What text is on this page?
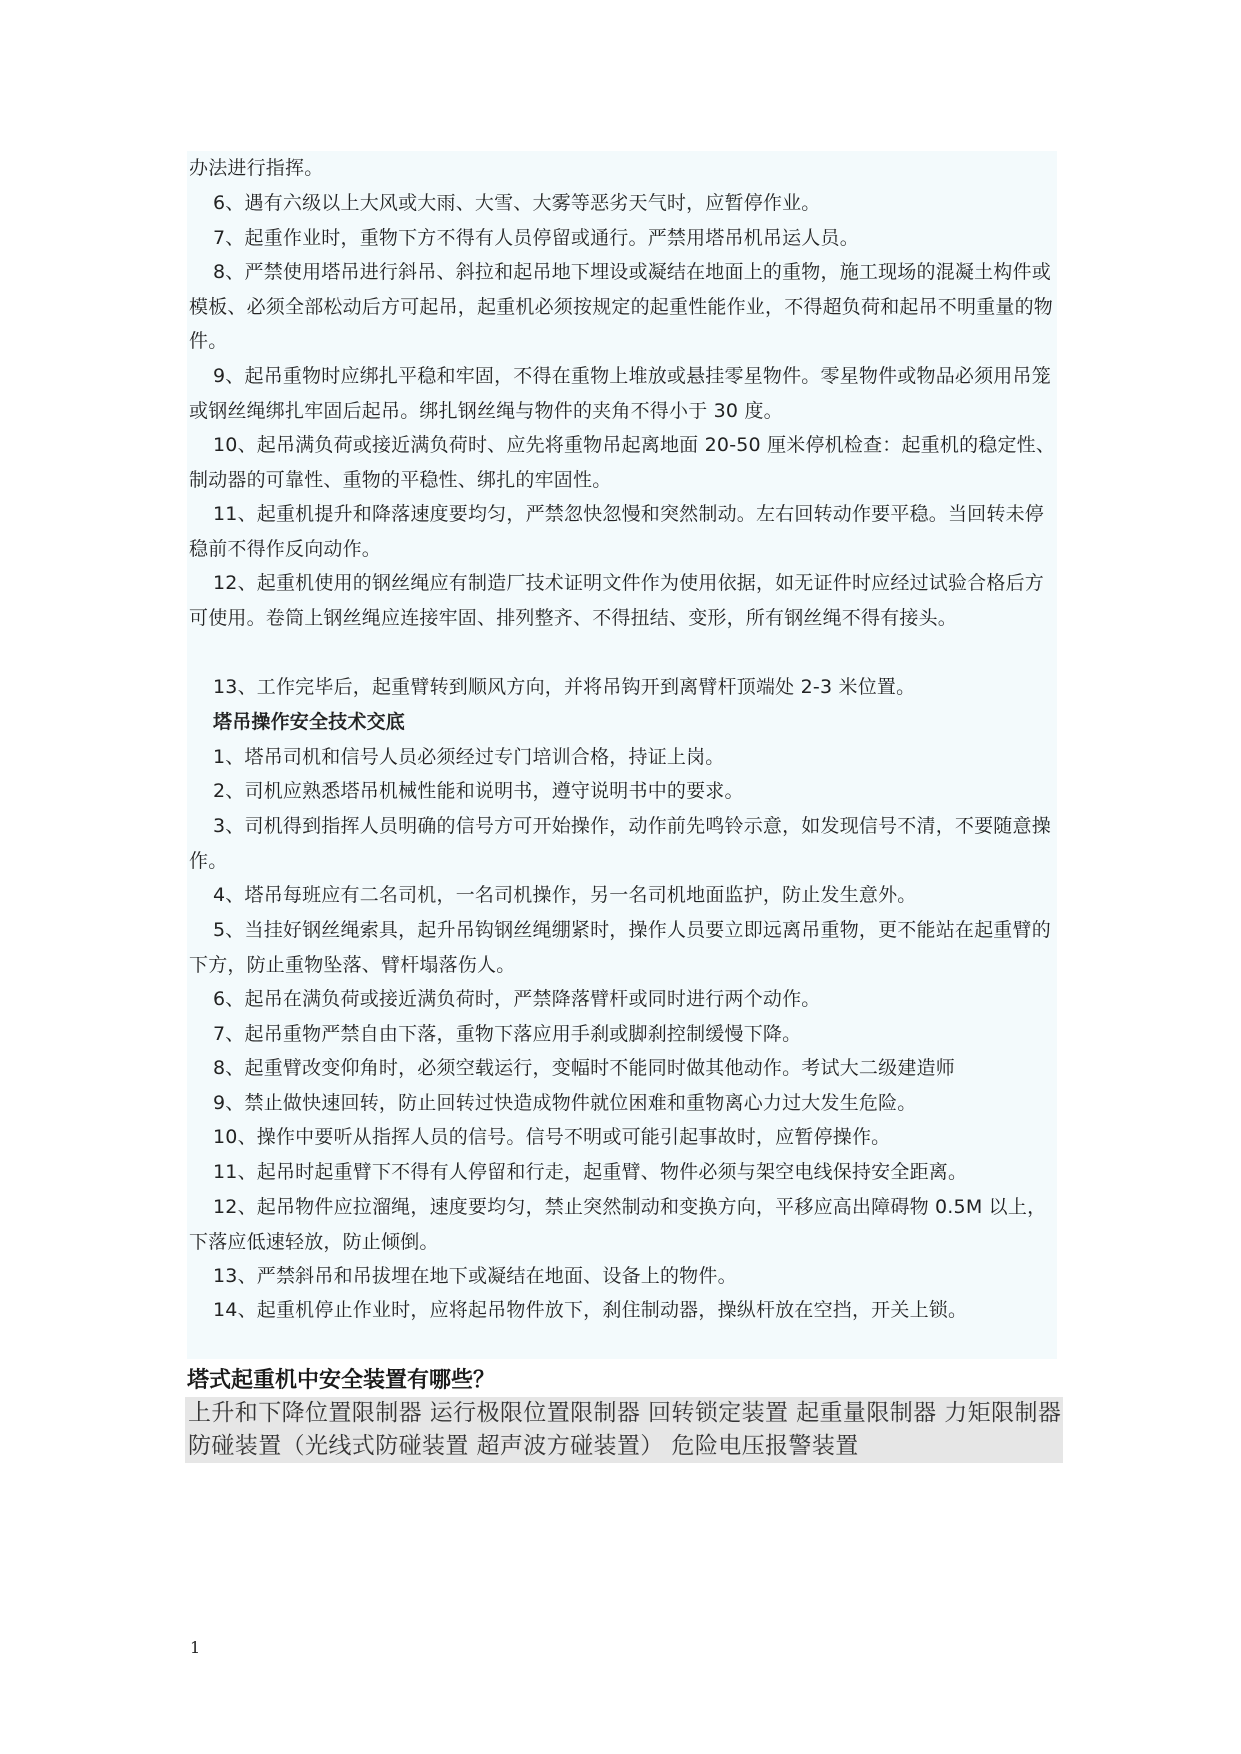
办法进行指挥。

6、遇有六级以上大风或大雨、大雪、大雾等恶劣天气时，应暂停作业。

7、起重作业时，重物下方不得有人员停留或通行。严禁用塔吊机吊运人员。

8、严禁使用塔吊进行斜吊、斜拉和起吊地下埋设或凝结在地面上的重物，施工现场的混凝土构件或模板、必须全部松动后方可起吊，起重机必须按规定的起重性能作业，不得超负荷和起吊不明重量的物件。

9、起吊重物时应绑扎平稳和牢固，不得在重物上堆放或悬挂零星物件。零星物件或物品必须用吊笼或钢丝绳绑扎牢固后起吊。绑扎钢丝绳与物件的夹角不得小于 30 度。

10、起吊满负荷或接近满负荷时、应先将重物吊起离地面 20-50 厘米停机检查：起重机的稳定性、制动器的可靠性、重物的平稳性、绑扎的牢固性。

11、起重机提升和降落速度要均匀，严禁忽快忽慢和突然制动。左右回转动作要平稳。当回转未停稳前不得作反向动作。

12、起重机使用的钢丝绳应有制造厂技术证明文件作为使用依据，如无证件时应经过试验合格后方可使用。卷筒上钢丝绳应连接牢固、排列整齐、不得扭结、变形，所有钢丝绳不得有接头。

13、工作完毕后，起重臂转到顺风方向，并将吊钩开到离臂杆顶端处 2-3 米位置。

塔吊操作安全技术交底

1、塔吊司机和信号人员必须经过专门培训合格，持证上岗。

2、司机应熟悉塔吊机械性能和说明书，遵守说明书中的要求。

3、司机得到指挥人员明确的信号方可开始操作，动作前先鸣铃示意，如发现信号不清，不要随意操作。

4、塔吊每班应有二名司机，一名司机操作，另一名司机地面监护，防止发生意外。

5、当挂好钢丝绳索具，起升吊钩钢丝绳绷紧时，操作人员要立即远离吊重物，更不能站在起重臂的下方，防止重物坠落、臂杆塌落伤人。

6、起吊在满负荷或接近满负荷时，严禁降落臂杆或同时进行两个动作。

7、起吊重物严禁自由下落，重物下落应用手刹或脚刹控制缓慢下降。

8、起重臂改变仰角时，必须空载运行，变幅时不能同时做其他动作。考试大二级建造师

9、禁止做快速回转，防止回转过快造成物件就位困难和重物离心力过大发生危险。

10、操作中要听从指挥人员的信号。信号不明或可能引起事故时，应暂停操作。

11、起吊时起重臂下不得有人停留和行走，起重臂、物件必须与架空电线保持安全距离。

12、起吊物件应拉溜绳，速度要均匀，禁止突然制动和变换方向，平移应高出障碍物 0.5M 以上，下落应低速轻放，防止倾倒。

13、严禁斜吊和吊拔埋在地下或凝结在地面、设备上的物件。

14、起重机停止作业时，应将起吊物件放下，刹住制动器，操纵杆放在空挡，开关上锁。

塔式起重机中安全装置有哪些？

上升和下降位置限制器 运行极限位置限制器 回转锁定装置 起重量限制器 力矩限制器 防碰装置（光线式防碰装置 超声波方碰装置） 危险电压报警装置

1
